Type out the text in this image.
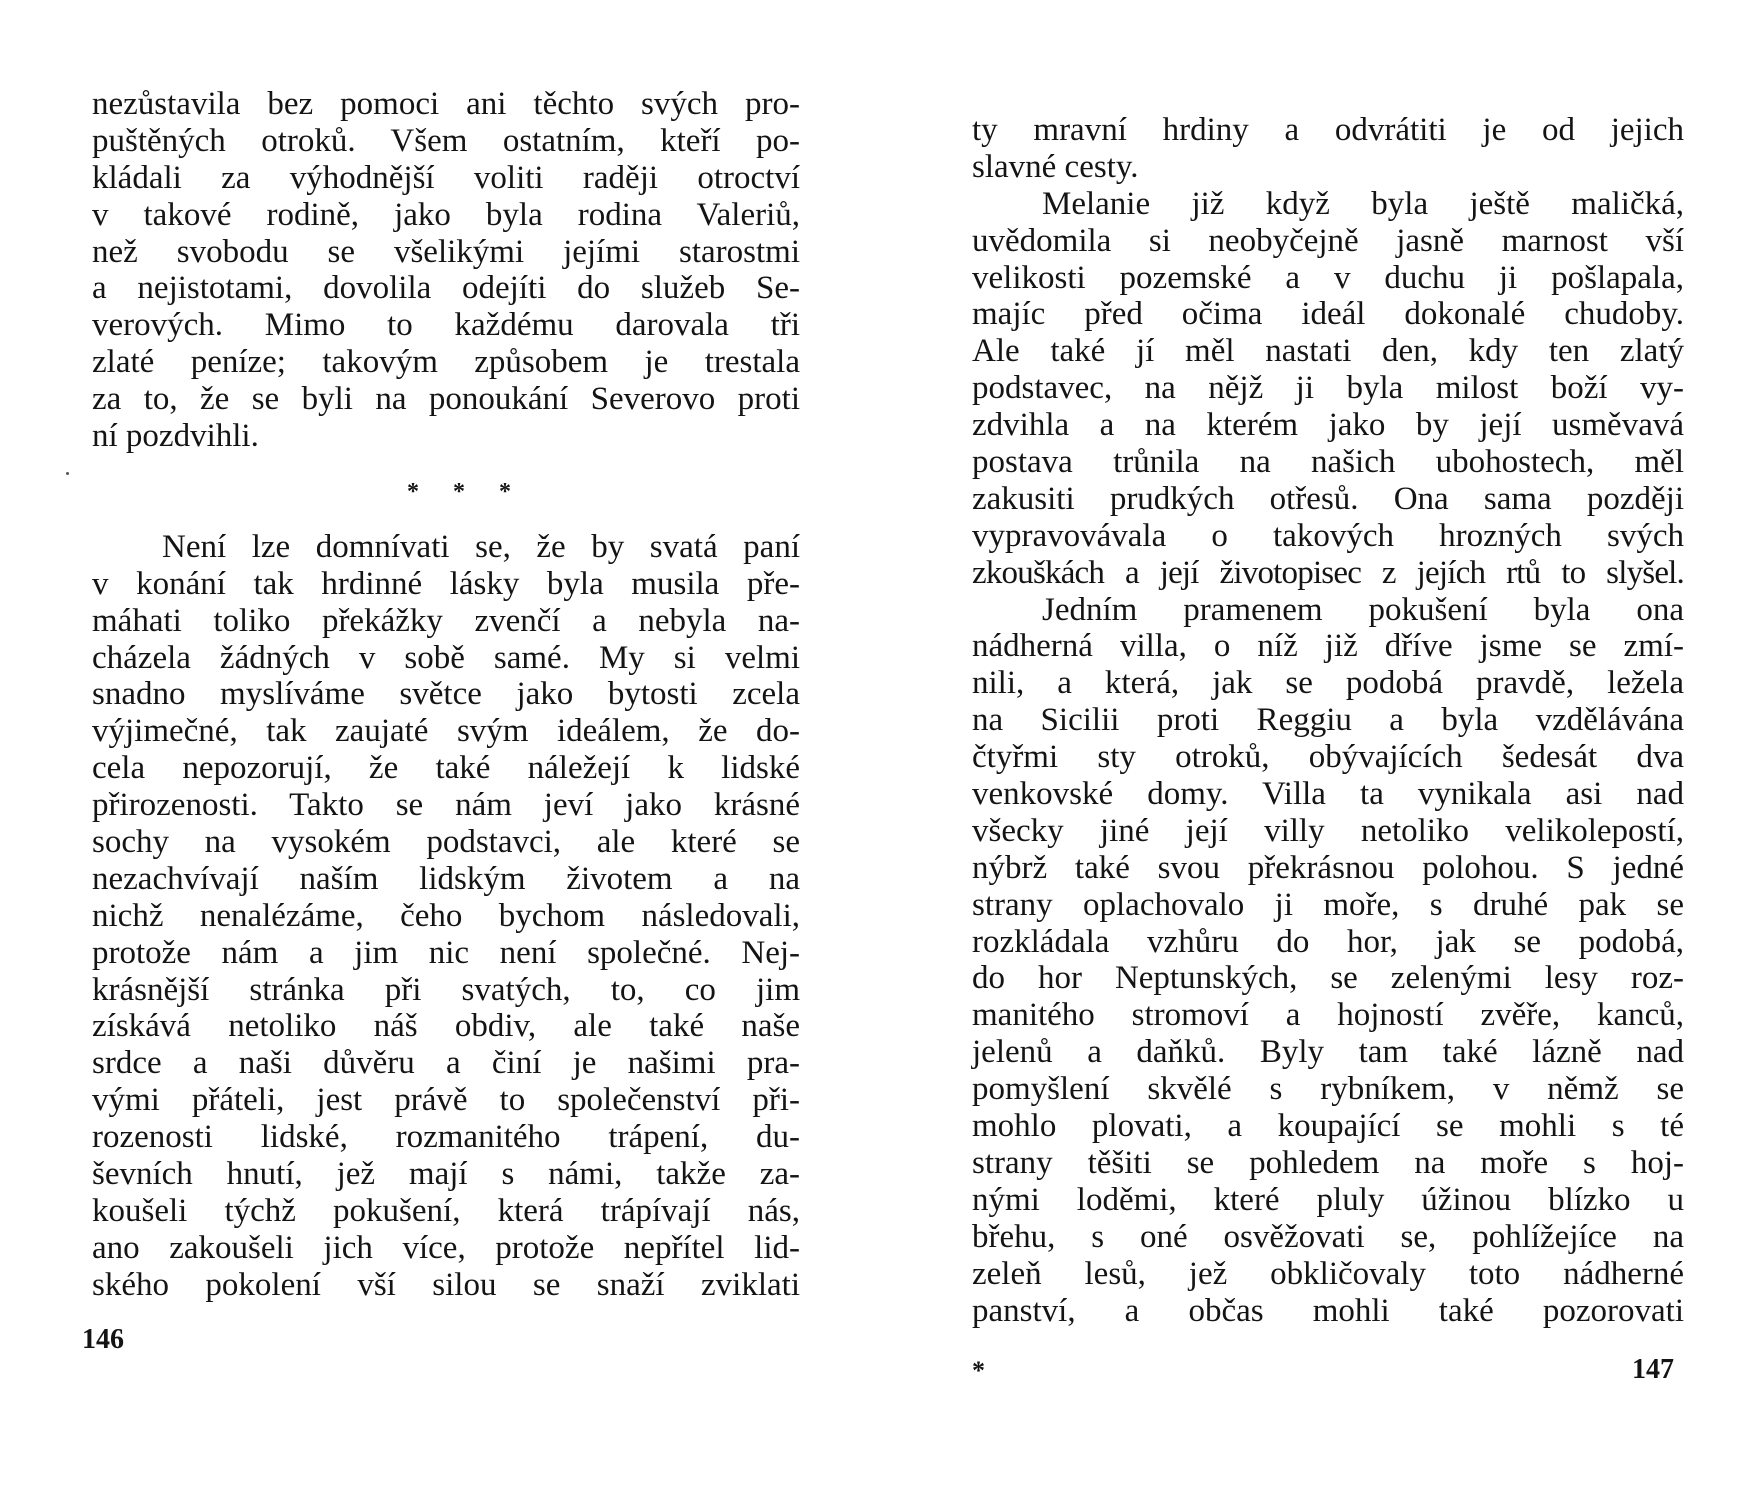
nezůstavila bez pomoci ani těchto svých pro-
puštěných otroků. Všem ostatním, kteří po-
kládali za výhodnější voliti raději otroctví
v takové rodině, jako byla rodina Valeriů,
než svobodu se všelikými jejími starostmi
a nejistotami, dovolila odejíti do služeb Se-
verových. Mimo to každému darovala tři
zlaté peníze; takovým způsobem je trestala
za to, že se byli na ponoukání Severovo proti
ní pozdvihli.
* * *
Není lze domnívati se, že by svatá paní
v konání tak hrdinné lásky byla musila pře-
máhati toliko překážky zvenčí a nebyla na-
cházela žádných v sobě samé. My si velmi
snadno myslíváme světce jako bytosti zcela
výjimečné, tak zaujaté svým ideálem, že do-
cela nepozorují, že také náležejí k lidské
přirozenosti. Takto se nám jeví jako krásné
sochy na vysokém podstavci, ale které se
nezachvívají naším lidským životem a na
nichž nenalézáme, čeho bychom následovali,
protože nám a jim nic není společné. Nej-
krásnější stránka při svatých, to, co jim
získává netoliko náš obdiv, ale také naše
srdce a naši důvěru a činí je našimi pra-
vými přáteli, jest právě to společenství při-
rozenosti lidské, rozmanitého trápení, du-
ševních hnutí, jež mají s námi, takže za-
koušeli týchž pokušení, která trápívají nás,
ano zakoušeli jich více, protože nepřítel lid-
ského pokolení vší silou se snaží zviklati
146
ty mravní hrdiny a odvrátiti je od jejich
slavné cesty.
Melanie již když byla ještě maličká,
uvědomila si neobyčejně jasně marnost vší
velikosti pozemské a v duchu ji pošlapala,
majíc před očima ideál dokonalé chudoby.
Ale také jí měl nastati den, kdy ten zlatý
podstavec, na nějž ji byla milost boží vy-
zdvihla a na kterém jako by její usměvavá
postava trůnila na našich ubohostech, měl
zakusiti prudkých otřesů. Ona sama později
vypravovávala o takových hrozných svých
zkouškách a její životopisec z jejích rtů to slyšel.
Jedním pramenem pokušení byla ona
nádherná villa, o níž již dříve jsme se zmí-
nili, a která, jak se podobá pravdě, ležela
na Sicilii proti Reggiu a byla vzdělávána
čtyřmi sty otroků, obývajících šedesát dva
venkovské domy. Villa ta vynikala asi nad
všecky jiné její villy netoliko velikolepostí,
nýbrž také svou překrásnou polohou. S jedné
strany oplachovalo ji moře, s druhé pak se
rozkládala vzhůru do hor, jak se podobá,
do hor Neptunských, se zelenými lesy roz-
manitého stromoví a hojností zvěře, kanců,
jelenů a daňků. Byly tam také lázně nad
pomyšlení skvělé s rybníkem, v němž se
mohlo plovati, a koupající se mohli s té
strany těšiti se pohledem na moře s hoj-
nými loděmi, které pluly úžinou blízko u
břehu, s oné osvěžovati se, pohlížejíce na
zeleň lesů, jež obkličovaly toto nádherné
panství, a občas mohli také pozorovati
*	147
